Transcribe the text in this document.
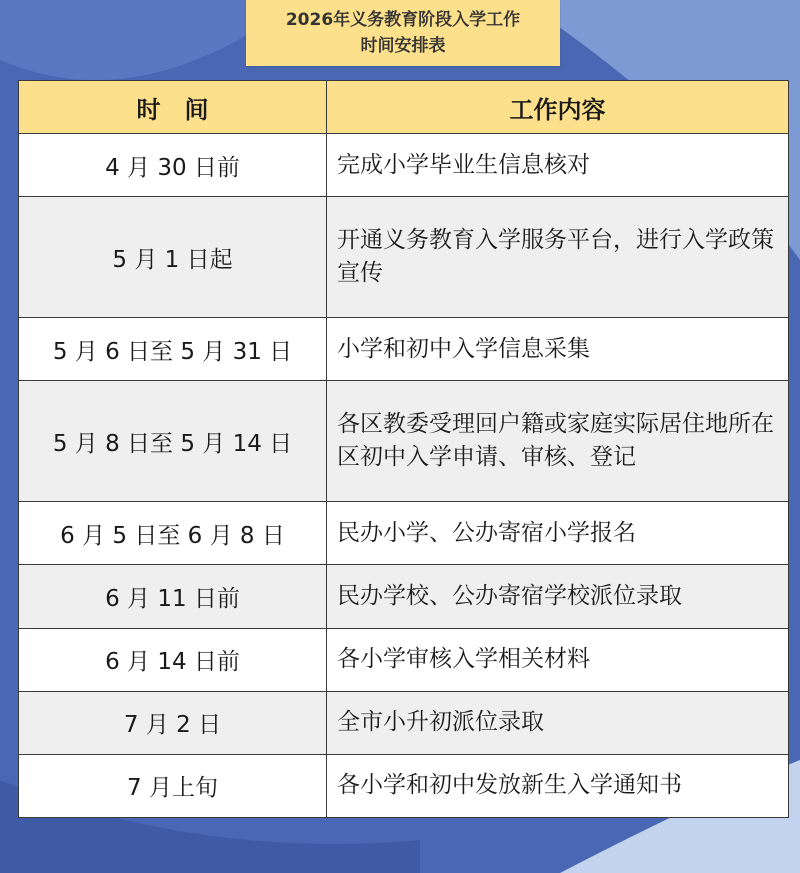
2026年义务教育阶段入学工作
时间安排表
时　间	工作内容
4 月 30 日前	完成小学毕业生信息核对
5 月 1 日起	开通义务教育入学服务平台，进行入学政策宣传
5 月 6 日至 5 月 31 日	小学和初中入学信息采集
5 月 8 日至 5 月 14 日	各区教委受理回户籍或家庭实际居住地所在区初中入学申请、审核、登记
6 月 5 日至 6 月 8 日	民办小学、公办寄宿小学报名
6 月 11 日前	民办学校、公办寄宿学校派位录取
6 月 14 日前	各小学审核入学相关材料
7 月 2 日	全市小升初派位录取
7 月上旬	各小学和初中发放新生入学通知书
